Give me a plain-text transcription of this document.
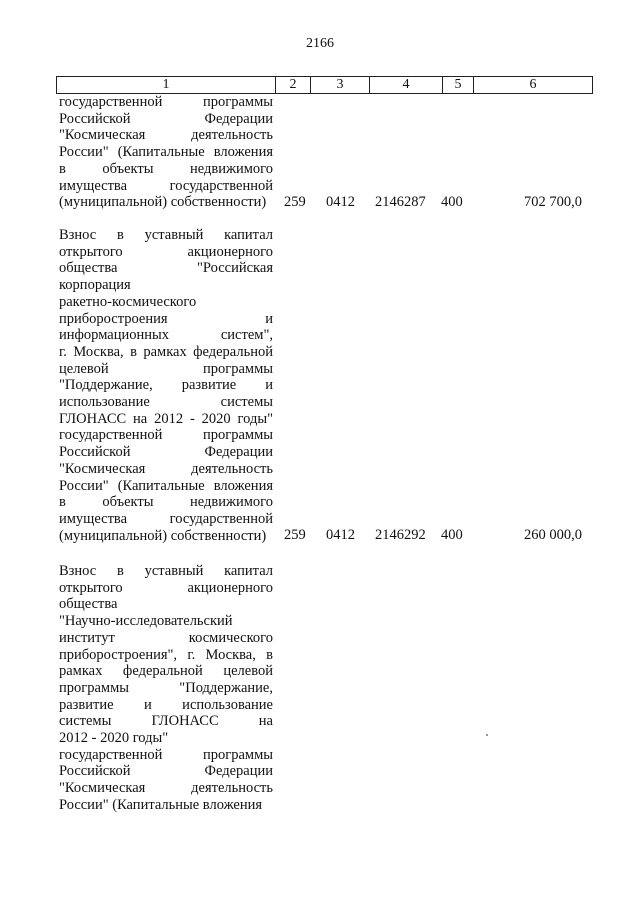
2166
1	2	3	4	5	6
государственной программы
Российской Федерации
"Космическая деятельность
России" (Капитальные вложения
в объекты недвижимого
имущества государственной
(муниципальной) собственности)	259 0412 2146287 400	702 700,0
Взнос в уставный капитал
открытого акционерного
общества "Российская
корпорация
ракетно-космического
приборостроения и
информационных систем",
г. Москва, в рамках федеральной
целевой программы
"Поддержание, развитие и
использование системы
ГЛОНАСС на 2012 - 2020 годы"
государственной программы
Российской Федерации
"Космическая деятельность
России" (Капитальные вложения
в объекты недвижимого
имущества государственной
(муниципальной) собственности)	259 0412 2146292 400	260 000,0
Взнос в уставный капитал
открытого акционерного
общества
"Научно-исследовательский
институт космического
приборостроения", г. Москва, в
рамках федеральной целевой
программы "Поддержание,
развитие и использование
системы ГЛОНАСС на
2012 - 2020 годы"
государственной программы
Российской Федерации
"Космическая деятельность
России" (Капитальные вложения
